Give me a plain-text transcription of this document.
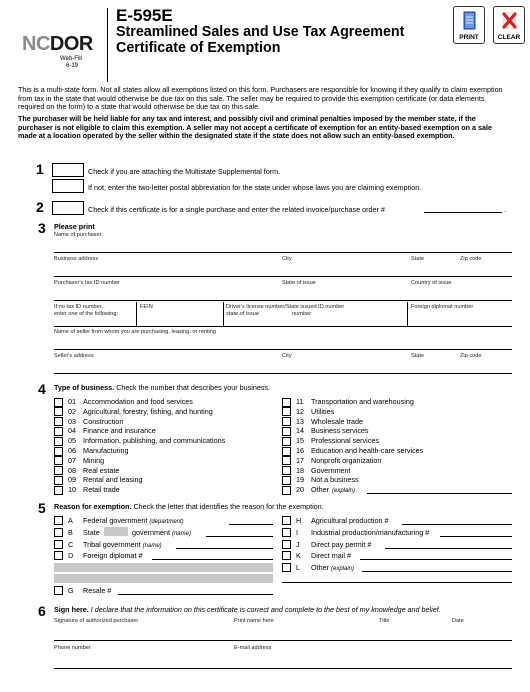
NCDOR
Web-Fill
6-19
E-595E
Streamlined Sales and Use Tax Agreement
Certificate of Exemption
PRINT	CLEAR
This is a multi-state form. Not all states allow all exemptions listed on this form. Purchasers are responsible for knowing if they qualify to claim exemption from tax in the state that would otherwise be due tax on this sale. The seller may be required to provide this exemption certificate (or data elements required on the form) to a state that would otherwise be due tax on this sale.
The purchaser will be held liable for any tax and interest, and possibly civil and criminal penalties imposed by the member state, if the purchaser is not eligible to claim this exemption. A seller may not accept a certificate of exemption for an entity-based exemption on a sale made at a location operated by the seller within the designated state if the state does not allow such an entity-based exemption.
1	Check if you are attaching the Multistate Supplemental form.
If not, enter the two-letter postal abbreviation for the state under whose laws you are claiming exemption.
2	Check if this certificate is for a single purchase and enter the related invoice/purchase order #	.
3 Please print
Name of purchaser
Business address	City	State	Zip code
Purchaser's tax ID number	State of issue	Country of issue
If no tax ID number,
enter one of the following:
FEIN	Driver's license number/State issued ID number
state of issue	number
Foreign diplomat number
Name of seller from whom you are purchasing, leasing, or renting
Seller's address	City	State	Zip code
4 Type of business. Check the number that describes your business.
01 Accommodation and food services
02 Agricultural, forestry, fishing, and hunting
03 Construction
04 Finance and insurance
05 Information, publishing, and communications
06 Manufacturing
07 Mining
08 Real estate
09 Rental and leasing
10 Retail trade
11 Transportation and warehousing
12 Utilities
13 Wholesale trade
14 Business services
15 Professional services
16 Education and health-care services
17 Nonprofit organization
18 Government
19 Not a business
20 Other (explain)
5 Reason for exemption. Check the letter that identifies the reason for the exemption.
A Federal government (department)
B State	government (name)
C Tribal government (name)
D Foreign diplomat #
G Resale #
H Agricultural production #
I Industrial production/manufacturing #
J Direct pay permit #
K Direct mail #
L Other (explain)
6 Sign here. I declare that the information on this certificate is correct and complete to the best of my knowledge and belief.
Signature of authorized purchaser	Print name here	Title	Date
Phone number	E-mail address
